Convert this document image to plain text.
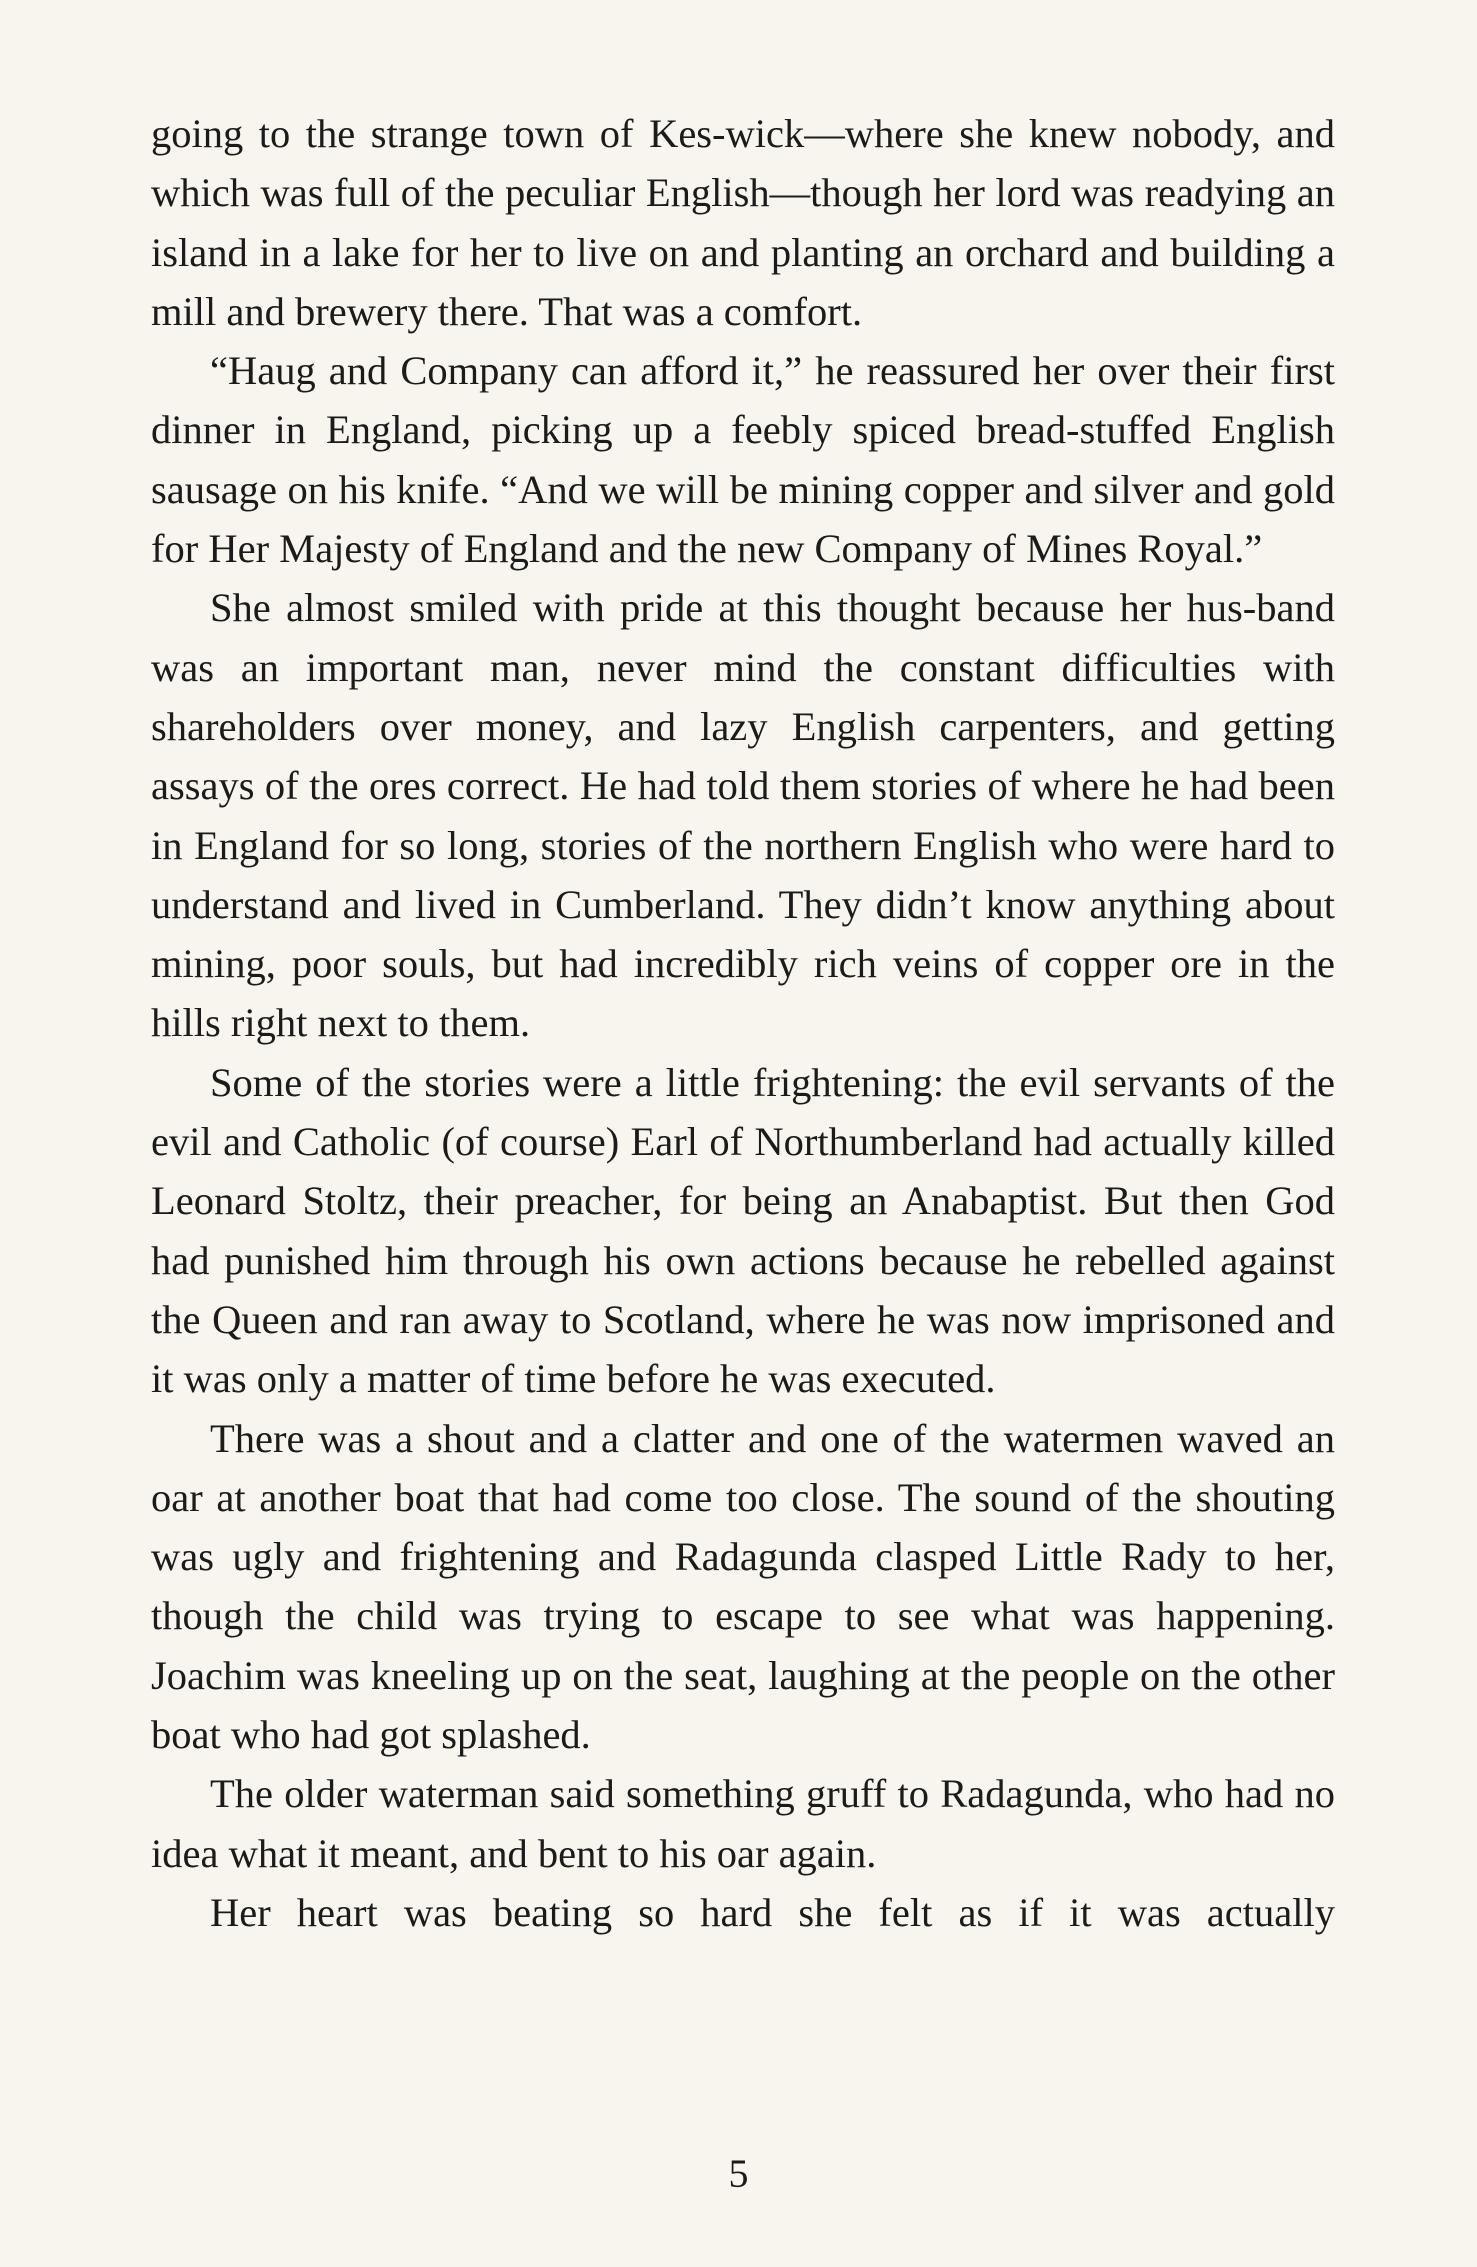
going to the strange town of Kes-wick—where she knew nobody, and which was full of the peculiar English—though her lord was readying an island in a lake for her to live on and planting an orchard and building a mill and brewery there. That was a comfort.

“Haug and Company can afford it,” he reassured her over their first dinner in England, picking up a feebly spiced bread-stuffed English sausage on his knife. “And we will be mining copper and silver and gold for Her Majesty of England and the new Company of Mines Royal.”

She almost smiled with pride at this thought because her hus-band was an important man, never mind the constant difficulties with shareholders over money, and lazy English carpenters, and getting assays of the ores correct. He had told them stories of where he had been in England for so long, stories of the northern English who were hard to understand and lived in Cumberland. They didn’t know anything about mining, poor souls, but had incredibly rich veins of copper ore in the hills right next to them.

Some of the stories were a little frightening: the evil servants of the evil and Catholic (of course) Earl of Northumberland had actually killed Leonard Stoltz, their preacher, for being an Anabaptist. But then God had punished him through his own actions because he rebelled against the Queen and ran away to Scotland, where he was now imprisoned and it was only a matter of time before he was executed.

There was a shout and a clatter and one of the watermen waved an oar at another boat that had come too close. The sound of the shouting was ugly and frightening and Radagunda clasped Little Rady to her, though the child was trying to escape to see what was happening. Joachim was kneeling up on the seat, laughing at the people on the other boat who had got splashed.

The older waterman said something gruff to Radagunda, who had no idea what it meant, and bent to his oar again.

Her heart was beating so hard she felt as if it was actually

5
